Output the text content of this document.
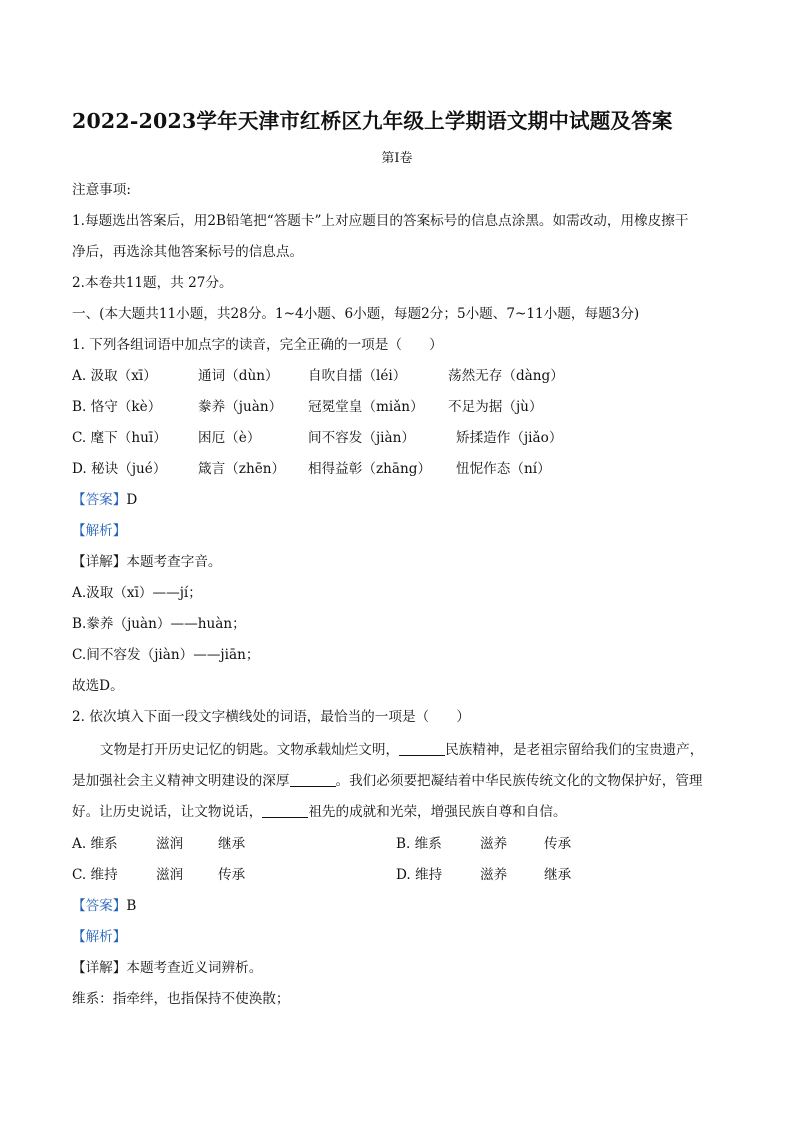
2022-2023学年天津市红桥区九年级上学期语文期中试题及答案
第Ⅰ卷
注意事项:
1.每题选出答案后，用2B铅笔把“答题卡”上对应题目的答案标号的信息点涂黑。如需改动，用橡皮擦干
净后，再选涂其他答案标号的信息点。
2.本卷共11题，共 27分。
一、(本大题共11小题，共28分。1~4小题、6小题，每题2分；5小题、7~11小题，每题3分)
1. 下列各组词语中加点字的读音，完全正确的一项是（　　）
A. 汲取（xī）	通词（dùn） 自吹自擂（léi）	荡然无存（dàng）
B. 恪守（kè）	豢养（juàn） 冠冕堂皇（miǎn） 不足为据（jù）
C. 麾下（huī） 困厄（è）	间不容发（jiàn）	矫揉造作（jiǎo）
D. 秘诀（jué） 箴言（zhēn） 相得益彰（zhāng） 忸怩作态（ní）
【答案】D
【解析】
【详解】本题考查字音。
A.汲取（xī）——jí；
B.豢养（juàn）——huàn；
C.间不容发（jiàn）——jiān；
故选D。
2. 依次填入下面一段文字横线处的词语，最恰当的一项是（　　）
文物是打开历史记忆的钥匙。文物承载灿烂文明，	民族精神，是老祖宗留给我们的宝贵遗产，
是加强社会主义精神文明建设的深厚	。我们必须要把凝结着中华民族传统文化的文物保护好，管理
好。让历史说话，让文物说话，	祖先的成就和光荣，增强民族自尊和自信。
A. 维系	滋润	继承	B. 维系	滋养	传承
C. 维持	滋润	传承	D. 维持	滋养	继承
【答案】B
【解析】
【详解】本题考查近义词辨析。
维系：指牵绊，也指保持不使涣散；
